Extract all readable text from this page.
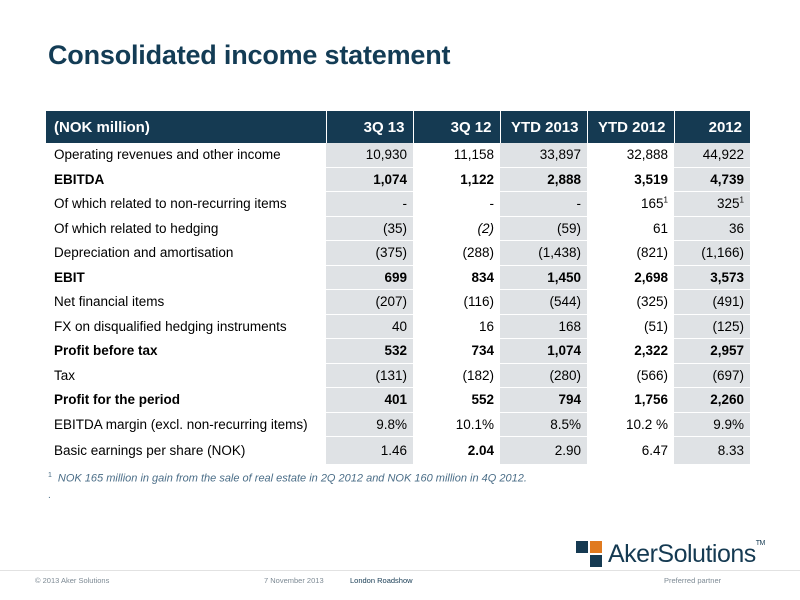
Consolidated income statement
(NOK million)	3Q 13	3Q 12	YTD 2013	YTD 2012	2012
Operating revenues and other income	10,930	11,158	33,897	32,888	44,922
EBITDA	1,074	1,122	2,888	3,519	4,739
Of which related to non-recurring items	-	-	-	$165^1$	$325^1$
Of which related to hedging	(35)	(2)	(59)	61	36
Depreciation and amortisation	(375)	(288)	(1,438)	(821)	(1,166)
EBIT	699	834	1,450	2,698	3,573
Net financial items	(207)	(116)	(544)	(325)	(491)
FX on disqualified hedging instruments	40	16	168	(51)	(125)
Profit before tax	532	734	1,074	2,322	2,957
Tax	(131)	(182)	(280)	(566)	(697)
Profit for the period	401	552	794	1,756	2,260
EBITDA margin (excl. non-recurring items)	9.8%	10.1%	8.5%	10.2 %	9.9%
Basic earnings per share (NOK)	1.46	2.04	2.90	6.47	8.33
$^1$ NOK 165 million in gain from the sale of real estate in 2Q 2012 and NOK 160 million in 4Q 2012.
.
AkerSolutions™
© 2013 Aker Solutions	7 November 2013	London Roadshow	Preferred partner
